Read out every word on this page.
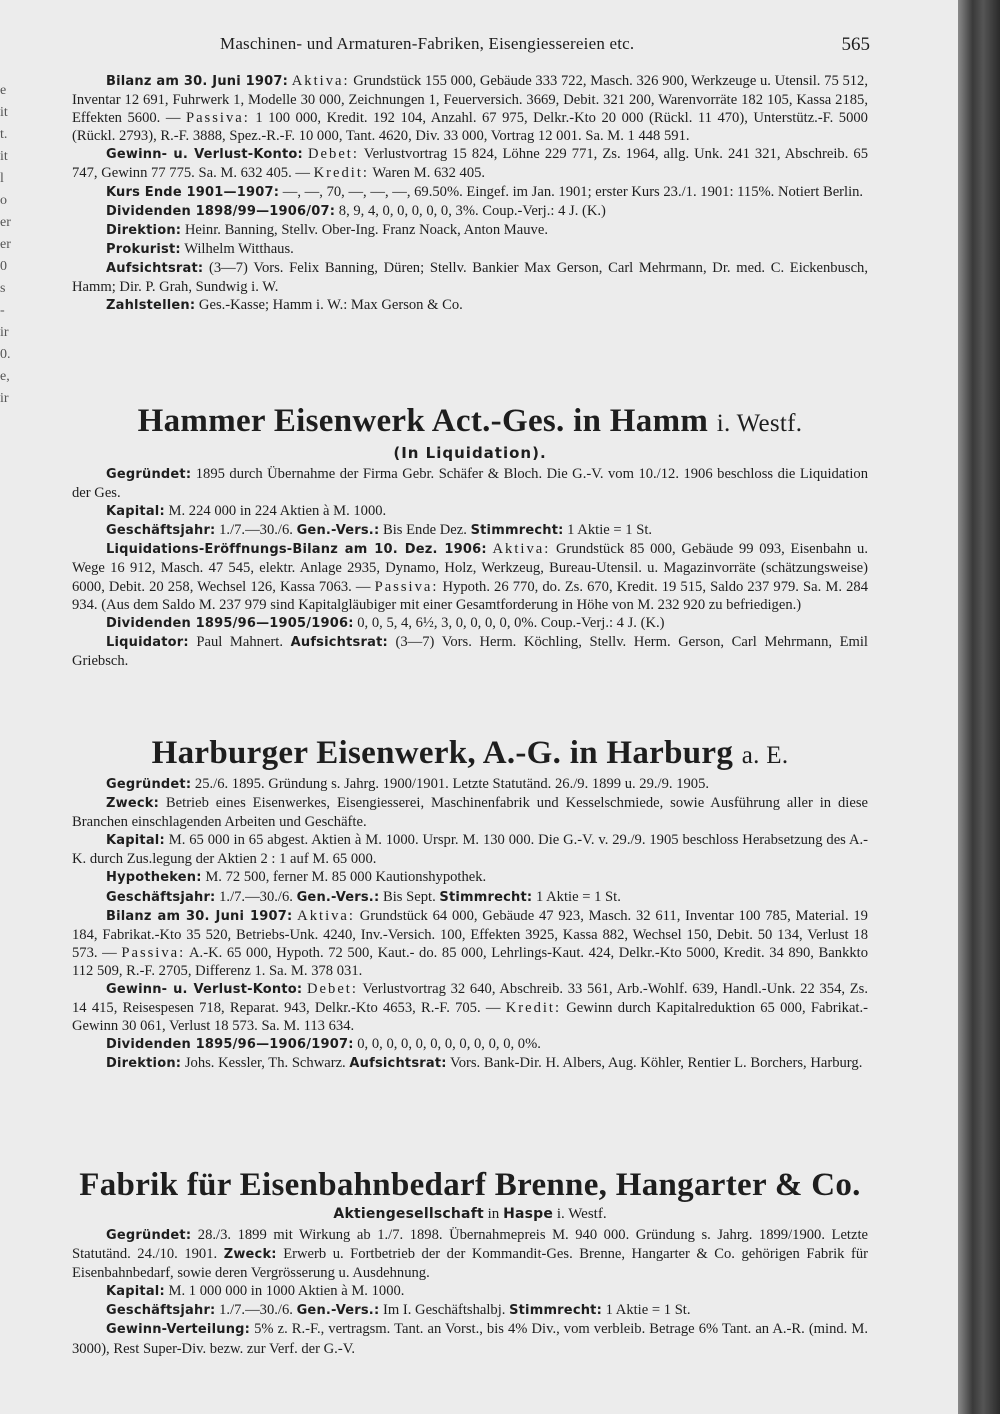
e
it
t.
it
l
o
er
er
0
s
-
ir
0.
e,
ir
Maschinen- und Armaturen-Fabriken, Eisengiessereien etc.	565

Bilanz am 30. Juni 1907: Aktiva: Grundstück 155 000, Gebäude 333 722, Masch. 326 900, Werkzeuge u. Utensil. 75 512, Inventar 12 691, Fuhrwerk 1, Modelle 30 000, Zeichnungen 1, Feuerversich. 3669, Debit. 321 200, Warenvorräte 182 105, Kassa 2185, Effekten 5600. — Passiva: 1 100 000, Kredit. 192 104, Anzahl. 67 975, Delkr.-Kto 20 000 (Rückl. 11 470), Unterstütz.-F. 5000 (Rückl. 2793), R.-F. 3888, Spez.-R.-F. 10 000, Tant. 4620, Div. 33 000, Vortrag 12 001. Sa. M. 1 448 591.

Gewinn- u. Verlust-Konto: Debet: Verlustvortrag 15 824, Löhne 229 771, Zs. 1964, allg. Unk. 241 321, Abschreib. 65 747, Gewinn 77 775. Sa. M. 632 405. — Kredit: Waren M. 632 405.

Kurs Ende 1901—1907: —, —, 70, —, —, —, 69.50%. Eingef. im Jan. 1901; erster Kurs 23./1. 1901: 115%. Notiert Berlin.

Dividenden 1898/99—1906/07: 8, 9, 4, 0, 0, 0, 0, 0, 3%. Coup.-Verj.: 4 J. (K.)

Direktion: Heinr. Banning, Stellv. Ober-Ing. Franz Noack, Anton Mauve.

Prokurist: Wilhelm Witthaus.

Aufsichtsrat: (3—7) Vors. Felix Banning, Düren; Stellv. Bankier Max Gerson, Carl Mehrmann, Dr. med. C. Eickenbusch, Hamm; Dir. P. Grah, Sundwig i. W.

Zahlstellen: Ges.-Kasse; Hamm i. W.: Max Gerson & Co.

Hammer Eisenwerk Act.-Ges. in Hamm i. Westf.

(In Liquidation).

Gegründet: 1895 durch Übernahme der Firma Gebr. Schäfer & Bloch. Die G.-V. vom 10./12. 1906 beschloss die Liquidation der Ges.

Kapital: M. 224 000 in 224 Aktien à M. 1000.

Geschäftsjahr: 1./7.—30./6. Gen.-Vers.: Bis Ende Dez. Stimmrecht: 1 Aktie = 1 St.

Liquidations-Eröffnungs-Bilanz am 10. Dez. 1906: Aktiva: Grundstück 85 000, Gebäude 99 093, Eisenbahn u. Wege 16 912, Masch. 47 545, elektr. Anlage 2935, Dynamo, Holz, Werkzeug, Bureau-Utensil. u. Magazinvorräte (schätzungsweise) 6000, Debit. 20 258, Wechsel 126, Kassa 7063. — Passiva: Hypoth. 26 770, do. Zs. 670, Kredit. 19 515, Saldo 237 979. Sa. M. 284 934. (Aus dem Saldo M. 237 979 sind Kapitalgläubiger mit einer Gesamtforderung in Höhe von M. 232 920 zu befriedigen.)

Dividenden 1895/96—1905/1906: 0, 0, 5, 4, 6½, 3, 0, 0, 0, 0, 0%. Coup.-Verj.: 4 J. (K.)

Liquidator: Paul Mahnert. Aufsichtsrat: (3—7) Vors. Herm. Köchling, Stellv. Herm. Gerson, Carl Mehrmann, Emil Griebsch.

Harburger Eisenwerk, A.-G. in Harburg a. E.

Gegründet: 25./6. 1895. Gründung s. Jahrg. 1900/1901. Letzte Statutänd. 26./9. 1899 u. 29./9. 1905.

Zweck: Betrieb eines Eisenwerkes, Eisengiesserei, Maschinenfabrik und Kesselschmiede, sowie Ausführung aller in diese Branchen einschlagenden Arbeiten und Geschäfte.

Kapital: M. 65 000 in 65 abgest. Aktien à M. 1000. Urspr. M. 130 000. Die G.-V. v. 29./9. 1905 beschloss Herabsetzung des A.-K. durch Zus.legung der Aktien 2 : 1 auf M. 65 000.

Hypotheken: M. 72 500, ferner M. 85 000 Kautionshypothek.

Geschäftsjahr: 1./7.—30./6. Gen.-Vers.: Bis Sept. Stimmrecht: 1 Aktie = 1 St.

Bilanz am 30. Juni 1907: Aktiva: Grundstück 64 000, Gebäude 47 923, Masch. 32 611, Inventar 100 785, Material. 19 184, Fabrikat.-Kto 35 520, Betriebs-Unk. 4240, Inv.-Versich. 100, Effekten 3925, Kassa 882, Wechsel 150, Debit. 50 134, Verlust 18 573. — Passiva: A.-K. 65 000, Hypoth. 72 500, Kaut.- do. 85 000, Lehrlings-Kaut. 424, Delkr.-Kto 5000, Kredit. 34 890, Bankkto 112 509, R.-F. 2705, Differenz 1. Sa. M. 378 031.

Gewinn- u. Verlust-Konto: Debet: Verlustvortrag 32 640, Abschreib. 33 561, Arb.-Wohlf. 639, Handl.-Unk. 22 354, Zs. 14 415, Reisespesen 718, Reparat. 943, Delkr.-Kto 4653, R.-F. 705. — Kredit: Gewinn durch Kapitalreduktion 65 000, Fabrikat.-Gewinn 30 061, Verlust 18 573. Sa. M. 113 634.

Dividenden 1895/96—1906/1907: 0, 0, 0, 0, 0, 0, 0, 0, 0, 0, 0, 0%.

Direktion: Johs. Kessler, Th. Schwarz. Aufsichtsrat: Vors. Bank-Dir. H. Albers, Aug. Köhler, Rentier L. Borchers, Harburg.

Fabrik für Eisenbahnbedarf Brenne, Hangarter & Co.

Aktiengesellschaft in Haspe i. Westf.

Gegründet: 28./3. 1899 mit Wirkung ab 1./7. 1898. Übernahmepreis M. 940 000. Gründung s. Jahrg. 1899/1900. Letzte Statutänd. 24./10. 1901. Zweck: Erwerb u. Fortbetrieb der der Kommandit-Ges. Brenne, Hangarter & Co. gehörigen Fabrik für Eisenbahnbedarf, sowie deren Vergrösserung u. Ausdehnung.

Kapital: M. 1 000 000 in 1000 Aktien à M. 1000.

Geschäftsjahr: 1./7.—30./6. Gen.-Vers.: Im I. Geschäftshalbj. Stimmrecht: 1 Aktie = 1 St.

Gewinn-Verteilung: 5% z. R.-F., vertragsm. Tant. an Vorst., bis 4% Div., vom verbleib. Betrage 6% Tant. an A.-R. (mind. M. 3000), Rest Super-Div. bezw. zur Verf. der G.-V.
